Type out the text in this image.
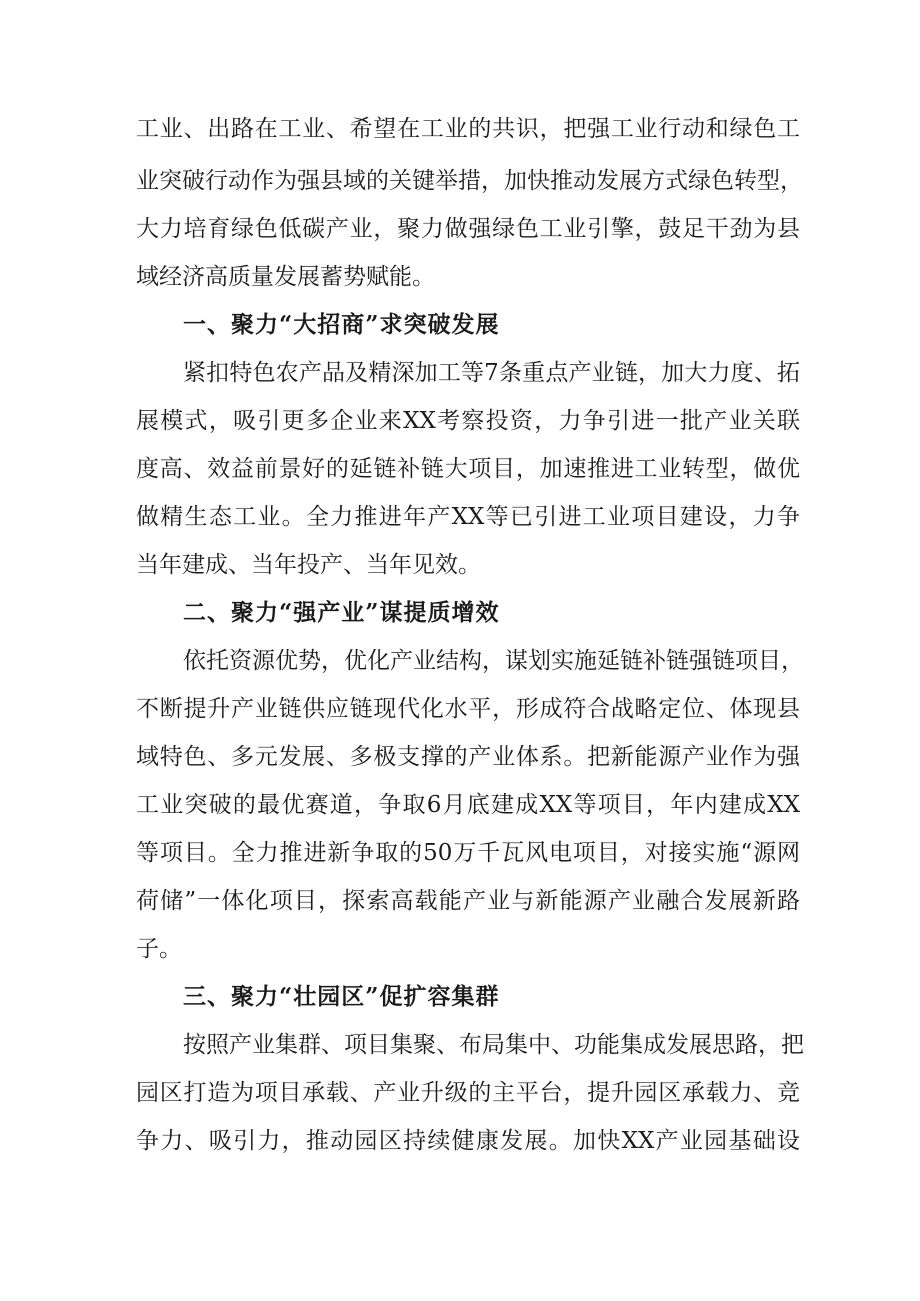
工业、出路在工业、希望在工业的共识，把强工业行动和绿色工
业突破行动作为强县域的关键举措，加快推动发展方式绿色转型，
大力培育绿色低碳产业，聚力做强绿色工业引擎，鼓足干劲为县
域经济高质量发展蓄势赋能。
一、聚力“大招商”求突破发展
紧扣特色农产品及精深加工等7条重点产业链，加大力度、拓
展模式，吸引更多企业来XX考察投资，力争引进一批产业关联
度高、效益前景好的延链补链大项目，加速推进工业转型，做优
做精生态工业。全力推进年产XX等已引进工业项目建设，力争
当年建成、当年投产、当年见效。
二、聚力“强产业”谋提质增效
依托资源优势，优化产业结构，谋划实施延链补链强链项目，
不断提升产业链供应链现代化水平，形成符合战略定位、体现县
域特色、多元发展、多极支撑的产业体系。把新能源产业作为强
工业突破的最优赛道，争取6月底建成XX等项目，年内建成XX
等项目。全力推进新争取的50万千瓦风电项目，对接实施“源网
荷储”一体化项目，探索高载能产业与新能源产业融合发展新路
子。
三、聚力“壮园区”促扩容集群
按照产业集群、项目集聚、布局集中、功能集成发展思路，把
园区打造为项目承载、产业升级的主平台，提升园区承载力、竞
争力、吸引力，推动园区持续健康发展。加快XX产业园基础设
